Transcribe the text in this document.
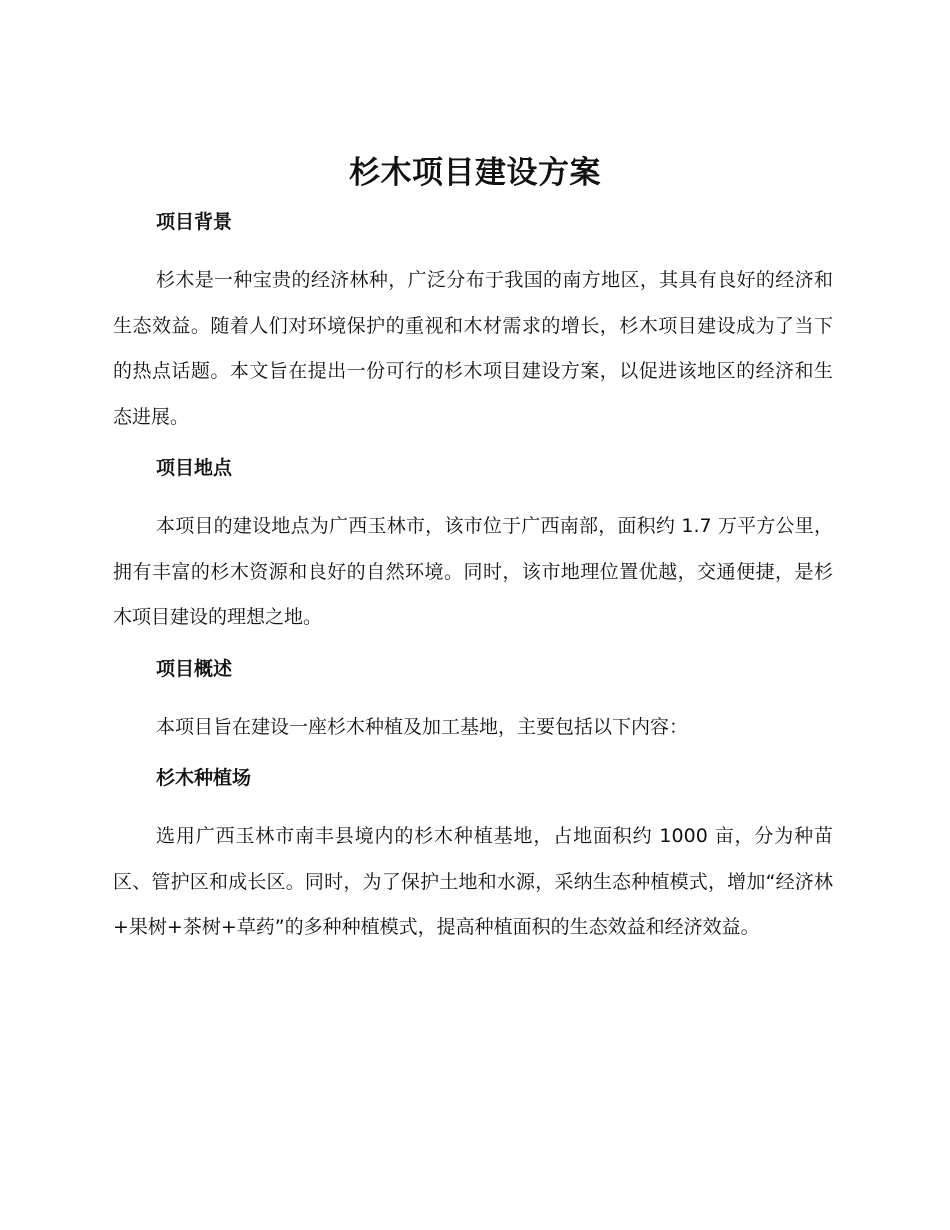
杉木项目建设方案

项目背景

杉木是一种宝贵的经济林种，广泛分布于我国的南方地区，其具有良好的经济和生态效益。随着人们对环境保护的重视和木材需求的增长，杉木项目建设成为了当下的热点话题。本文旨在提出一份可行的杉木项目建设方案，以促进该地区的经济和生态进展。

项目地点

本项目的建设地点为广西玉林市，该市位于广西南部，面积约 1.7 万平方公里，拥有丰富的杉木资源和良好的自然环境。同时，该市地理位置优越，交通便捷，是杉木项目建设的理想之地。

项目概述

本项目旨在建设一座杉木种植及加工基地，主要包括以下内容：

杉木种植场

选用广西玉林市南丰县境内的杉木种植基地，占地面积约 1000 亩，分为种苗区、管护区和成长区。同时，为了保护土地和水源，采纳生态种植模式，增加“经济林+果树+茶树+草药”的多种种植模式，提高种植面积的生态效益和经济效益。
